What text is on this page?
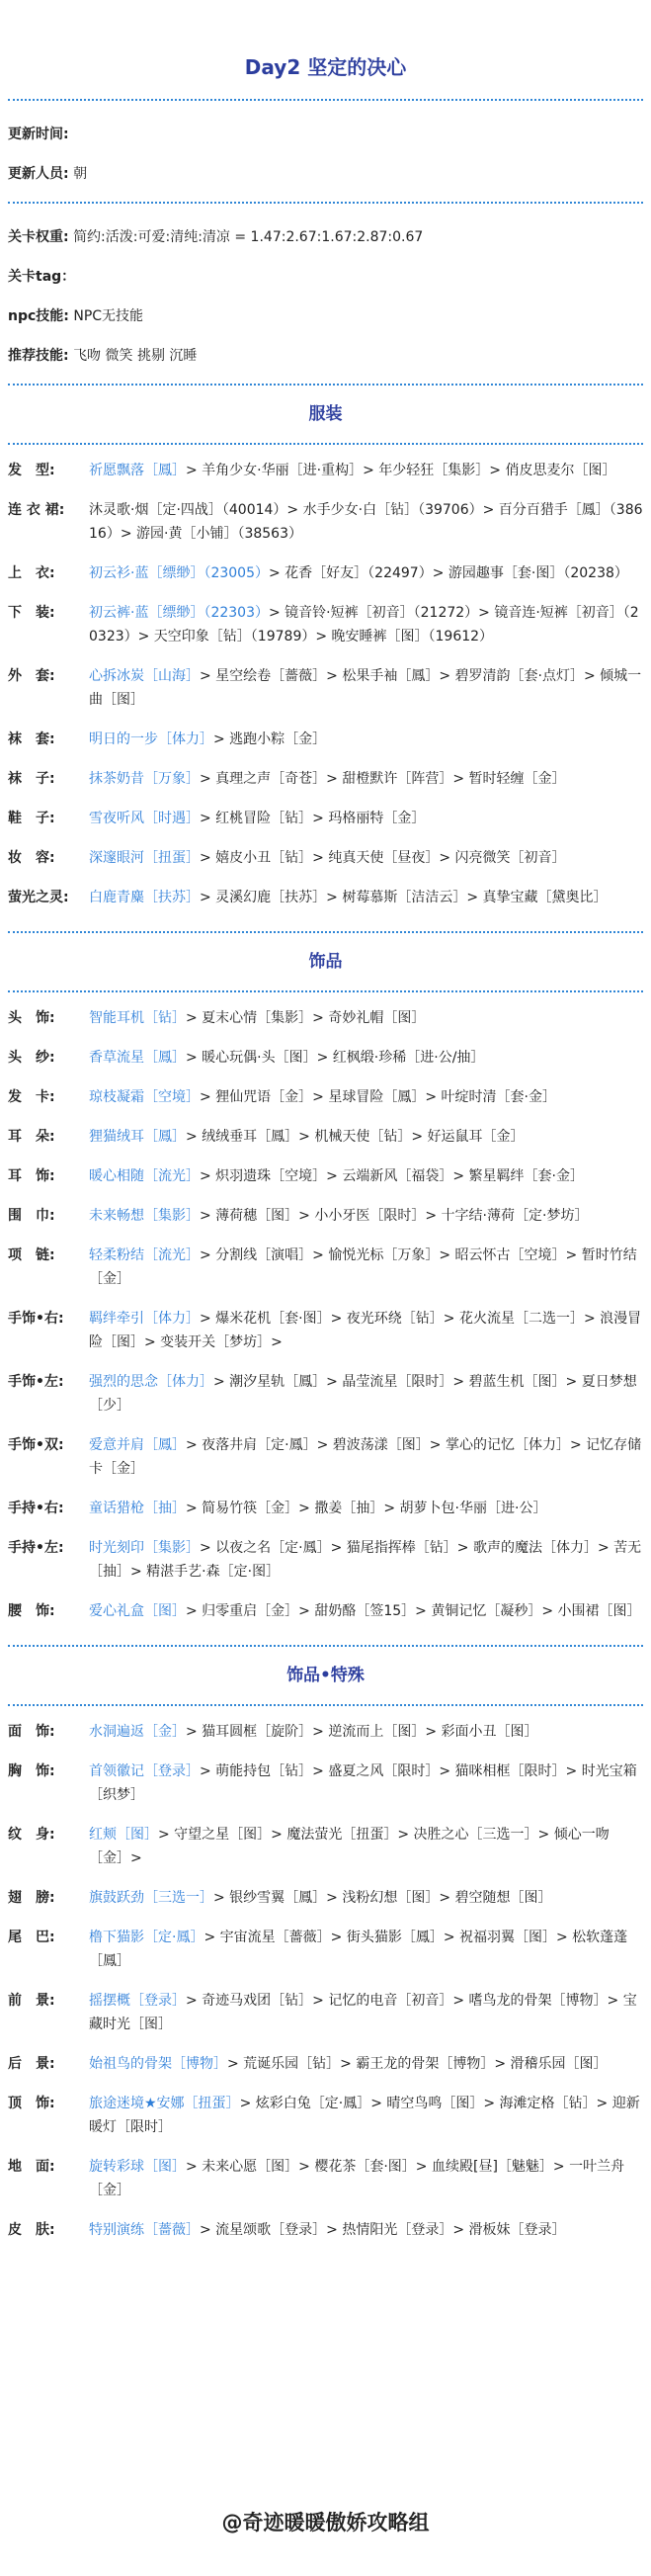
Day2 坚定的决心
更新时间:
更新人员: 朝
关卡权重: 简约:活泼:可爱:清纯:清凉 = 1.47:2.67:1.67:2.87:0.67
关卡tag：
npc技能: NPC无技能
推荐技能: 飞吻 微笑 挑剔 沉睡
服装
发　型:	祈愿飘落［鳳］> 羊角少女·华丽［进·重构］> 年少轻狂［集影］> 俏皮思麦尔［图］
连 衣 裙:	沐灵歌·烟［定·四战］（40014）> 水手少女·白［钻］（39706）> 百分百猎手［鳳］（38616）> 游园·黄［小铺］（38563）
上　衣:	初云衫·蓝［缥缈］（23005）> 花香［好友］（22497）> 游园趣事［套·图］（20238）
下　装:	初云裤·蓝［缥缈］（22303）> 镜音铃·短裤［初音］（21272）> 镜音连·短裤［初音］（20323）> 天空印象［钻］（19789）> 晚安睡裤［图］（19612）
外　套:	心拆冰炭［山海］> 星空绘卷［薔薇］> 松果手袖［鳳］> 碧罗清韵［套·点灯］> 倾城一曲［图］
袜　套:	明日的一步［体力］> 逃跑小粽［金］
袜　子:	抹茶奶昔［万象］> 真理之声［奇苍］> 甜橙默许［阵营］> 暂时轻缠［金］
鞋　子:	雪夜听风［时遇］> 红桃冒险［钻］> 玛格丽特［金］
妆　容:	深邃眼河［扭蛋］> 嬉皮小丑［钻］> 纯真天使［昼夜］> 闪亮微笑［初音］
萤光之灵:	白鹿青麋［扶苏］> 灵溪幻鹿［扶苏］> 树莓慕斯［洁洁云］> 真挚宝藏［黛奥比］
饰品
头　饰:	智能耳机［钻］> 夏末心情［集影］> 奇妙礼帽［图］
头　纱:	香草流星［鳳］> 暖心玩偶·头［图］> 红枫缎·珍稀［进·公/抽］
发　卡:	琼枝凝霜［空境］> 狸仙咒语［金］> 星球冒险［鳳］> 叶绽时清［套·金］
耳　朵:	狸猫绒耳［鳳］> 绒绒垂耳［鳳］> 机械天使［钻］> 好运鼠耳［金］
耳　饰:	暖心相随［流光］> 炽羽遗珠［空境］> 云端新风［福袋］> 繁星羁绊［套·金］
围　巾:	未来畅想［集影］> 薄荷穗［图］> 小小牙医［限时］> 十字结·薄荷［定·梦坊］
项　链:	轻柔粉结［流光］> 分割线［演唱］> 愉悦光标［万象］> 昭云怀古［空境］> 暂时竹结［金］
手饰•右:	羁绊牵引［体力］> 爆米花机［套·图］> 夜光环绕［钻］> 花火流星［二选一］> 浪漫冒险［图］> 变装开关［梦坊］>
手饰•左:	强烈的思念［体力］> 潮汐星轨［鳳］> 晶莹流星［限时］> 碧蓝生机［图］> 夏日梦想［少］
手饰•双:	爱意并肩［鳳］> 夜落井肩［定·鳳］> 碧波荡漾［图］> 掌心的记忆［体力］> 记忆存储卡［金］
手持•右:	童话猎枪［抽］> 简易竹筷［金］> 撒姜［抽］> 胡萝卜包·华丽［进·公］
手持•左:	时光刻印［集影］> 以夜之名［定·鳳］> 猫尾指挥棒［钻］> 歌声的魔法［体力］> 苦无［抽］> 精湛手艺·森［定·图］
腰　饰:	爱心礼盒［图］> 归零重启［金］> 甜奶酪［签15］> 黄铜记忆［凝秒］> 小围裙［图］
饰品•特殊
面　饰:	水洞遍返［金］> 猫耳圆框［旋阶］> 逆流而上［图］> 彩面小丑［图］
胸　饰:	首领徽记［登录］> 萌能持包［钻］> 盛夏之风［限时］> 猫咪相框［限时］> 时光宝箱［织梦］
纹　身:	红颊［图］> 守望之星［图］> 魔法萤光［扭蛋］> 决胜之心［三选一］> 倾心一吻［金］>
翅　膀:	旗鼓跃劲［三选一］> 银纱雪翼［鳳］> 浅粉幻想［图］> 碧空随想［图］
尾　巴:	橹下猫影［定·鳳］> 宇宙流星［薔薇］> 街头猫影［鳳］> 祝福羽翼［图］> 松软蓬蓬［鳳］
前　景:	摇摆概［登录］> 奇迹马戏团［钻］> 记忆的电音［初音］> 嗜鸟龙的骨架［博物］> 宝藏时光［图］
后　景:	始祖鸟的骨架［博物］> 荒诞乐园［钻］> 霸王龙的骨架［博物］> 滑稽乐园［图］
顶　饰:	旅途迷境★安娜［扭蛋］> 炫彩白兔［定·鳳］> 晴空鸟鸣［图］> 海滩定格［钻］> 迎新暖灯［限时］
地　面:	旋转彩球［图］> 未来心愿［图］> 樱花茶［套·图］> 血续殿[昼]［魅魅］> 一叶兰舟［金］
皮　肤:	特别演练［薔薇］> 流星颂歌［登录］> 热情阳光［登录］> 滑板妹［登录］
@奇迹暖暖傲娇攻略组
